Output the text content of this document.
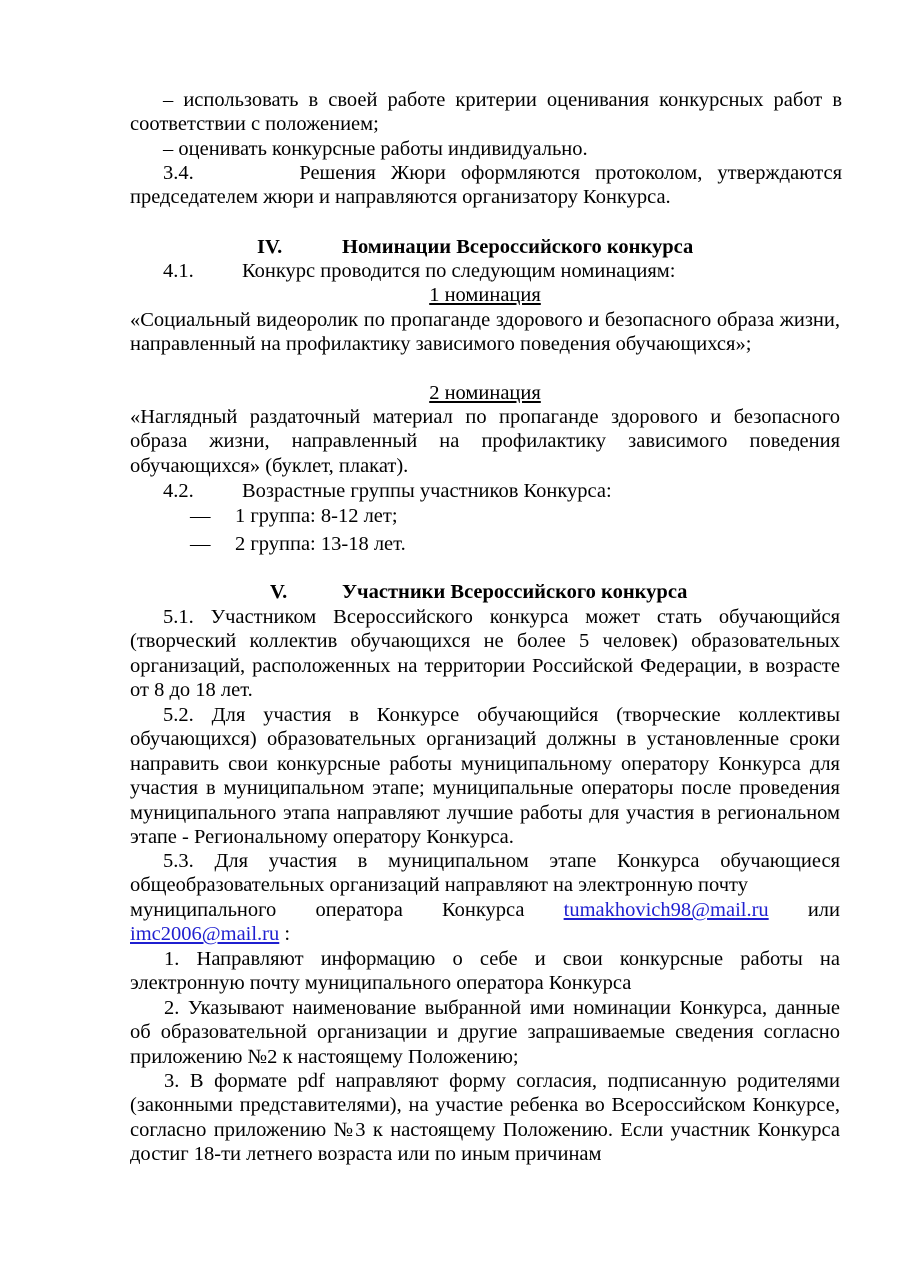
– использовать в своей работе критерии оценивания конкурсных работ в соответствии с положением;

– оценивать конкурсные работы индивидуально.

3.4.       Решения Жюри оформляются протоколом, утверждаются председателем жюри и направляются организатору Конкурса.

IV.	Номинации Всероссийского конкурса
4.1. Конкурс проводится по следующим номинациям:

1 номинация

«Социальный видеоролик по пропаганде здорового и безопасного образа жизни, направленный на профилактику зависимого поведения обучающихся»;

2 номинация

«Наглядный раздаточный материал по пропаганде здорового и безопасного образа жизни, направленный на профилактику зависимого поведения обучающихся» (буклет, плакат).

4.2. Возрастные группы участников Конкурса:
— 1 группа: 8-12 лет;
— 2 группа: 13-18 лет.
V.	Участники Всероссийского конкурса

5.1. Участником Всероссийского конкурса может стать обучающийся (творческий коллектив обучающихся не более 5 человек) образовательных организаций, расположенных на территории Российской Федерации, в возрасте от 8 до 18 лет.

5.2. Для участия в Конкурсе обучающийся (творческие коллективы обучающихся) образовательных организаций должны в установленные сроки направить свои конкурсные работы муниципальному оператору Конкурса для участия в муниципальном этапе; муниципальные операторы после проведения муниципального этапа направляют лучшие работы для участия в региональном этапе - Региональному оператору Конкурса.

5.3. Для участия в муниципальном этапе Конкурса обучающиеся общеобразовательных организаций направляют на электронную почту

муниципального оператора Конкурса tumakhovich98@mail.ru или
imc2006@mail.ru :

1. Направляют информацию о себе и свои конкурсные работы на электронную почту муниципального оператора Конкурса

2. Указывают наименование выбранной ими номинации Конкурса, данные об образовательной организации и другие запрашиваемые сведения согласно приложению №2 к настоящему Положению;

3. В формате pdf направляют форму согласия, подписанную родителями (законными представителями), на участие ребенка во Всероссийском Конкурсе, согласно приложению №3 к настоящему Положению. Если участник Конкурса достиг 18-ти летнего возраста или по иным причинам
